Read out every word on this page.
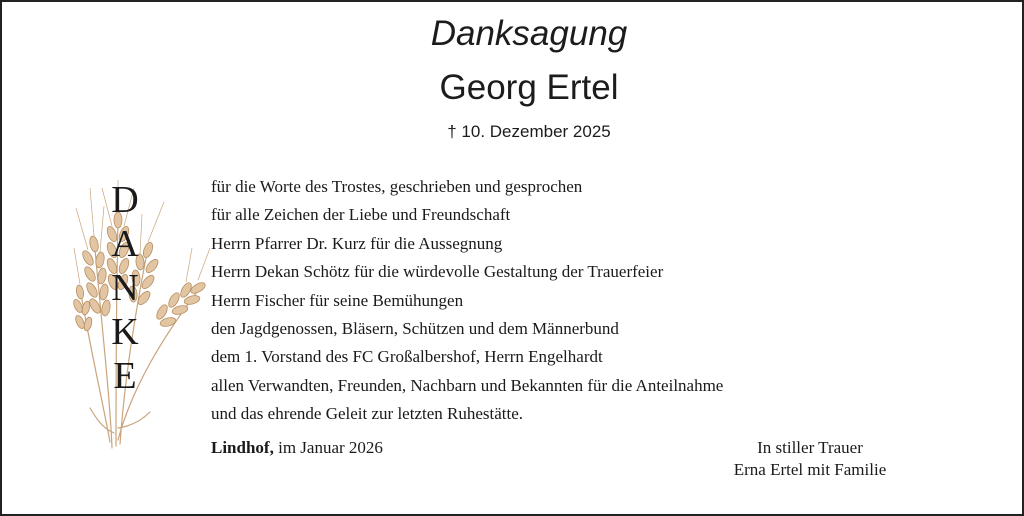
Danksagung
Georg Ertel
† 10. Dezember 2025
D
A
N
K
E
für die Worte des Trostes, geschrieben und gesprochen
für alle Zeichen der Liebe und Freundschaft
Herrn Pfarrer Dr. Kurz für die Aussegnung
Herrn Dekan Schötz für die würdevolle Gestaltung der Trauerfeier
Herrn Fischer für seine Bemühungen
den Jagdgenossen, Bläsern, Schützen und dem Männerbund
dem 1. Vorstand des FC Großalbershof, Herrn Engelhardt
allen Verwandten, Freunden, Nachbarn und Bekannten für die Anteilnahme
und das ehrende Geleit zur letzten Ruhestätte.
Lindhof, im Januar 2026	In stiller Trauer
Erna Ertel mit Familie
